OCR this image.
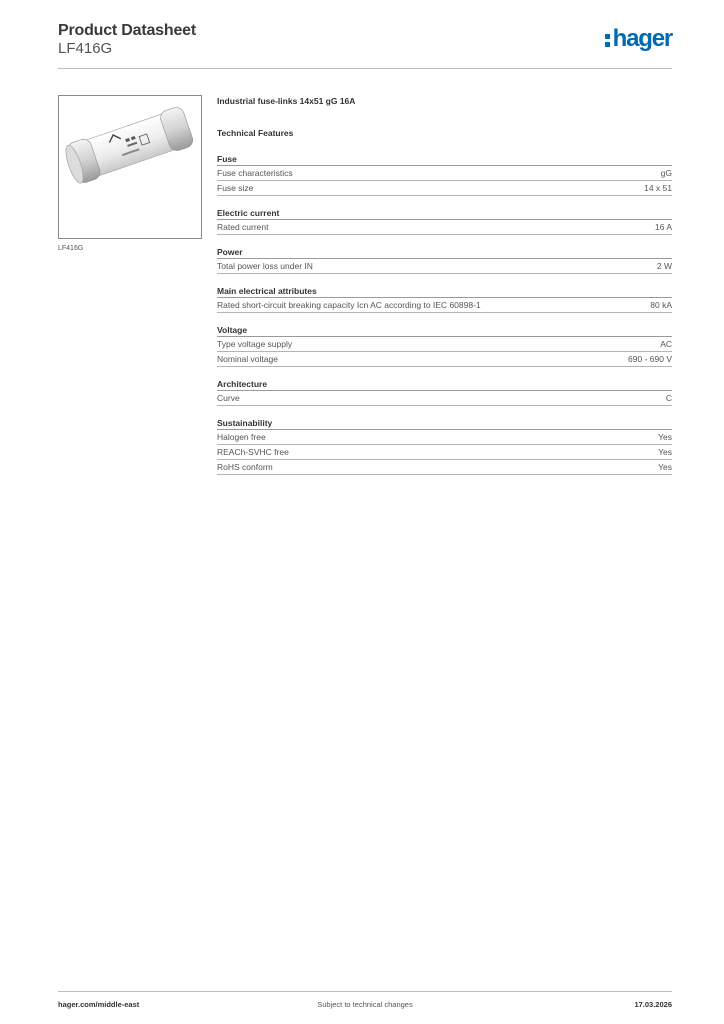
Product Datasheet
LF416G	hager
LF416G
Industrial fuse-links 14x51 gG 16A
Technical Features
Fuse
Fuse characteristics	gG
Fuse size	14 x 51
Electric current
Rated current	16 A
Power
Total power loss under IN	2 W
Main electrical attributes
Rated short-circuit breaking capacity Icn AC according to IEC 60898-1	80 kA
Voltage
Type voltage supply	AC
Nominal voltage	690 - 690 V
Architecture
Curve	C
Sustainability
Halogen free	Yes
REACh-SVHC free	Yes
RoHS conform	Yes
hager.com/middle-east	Subject to technical changes	17.03.2026
